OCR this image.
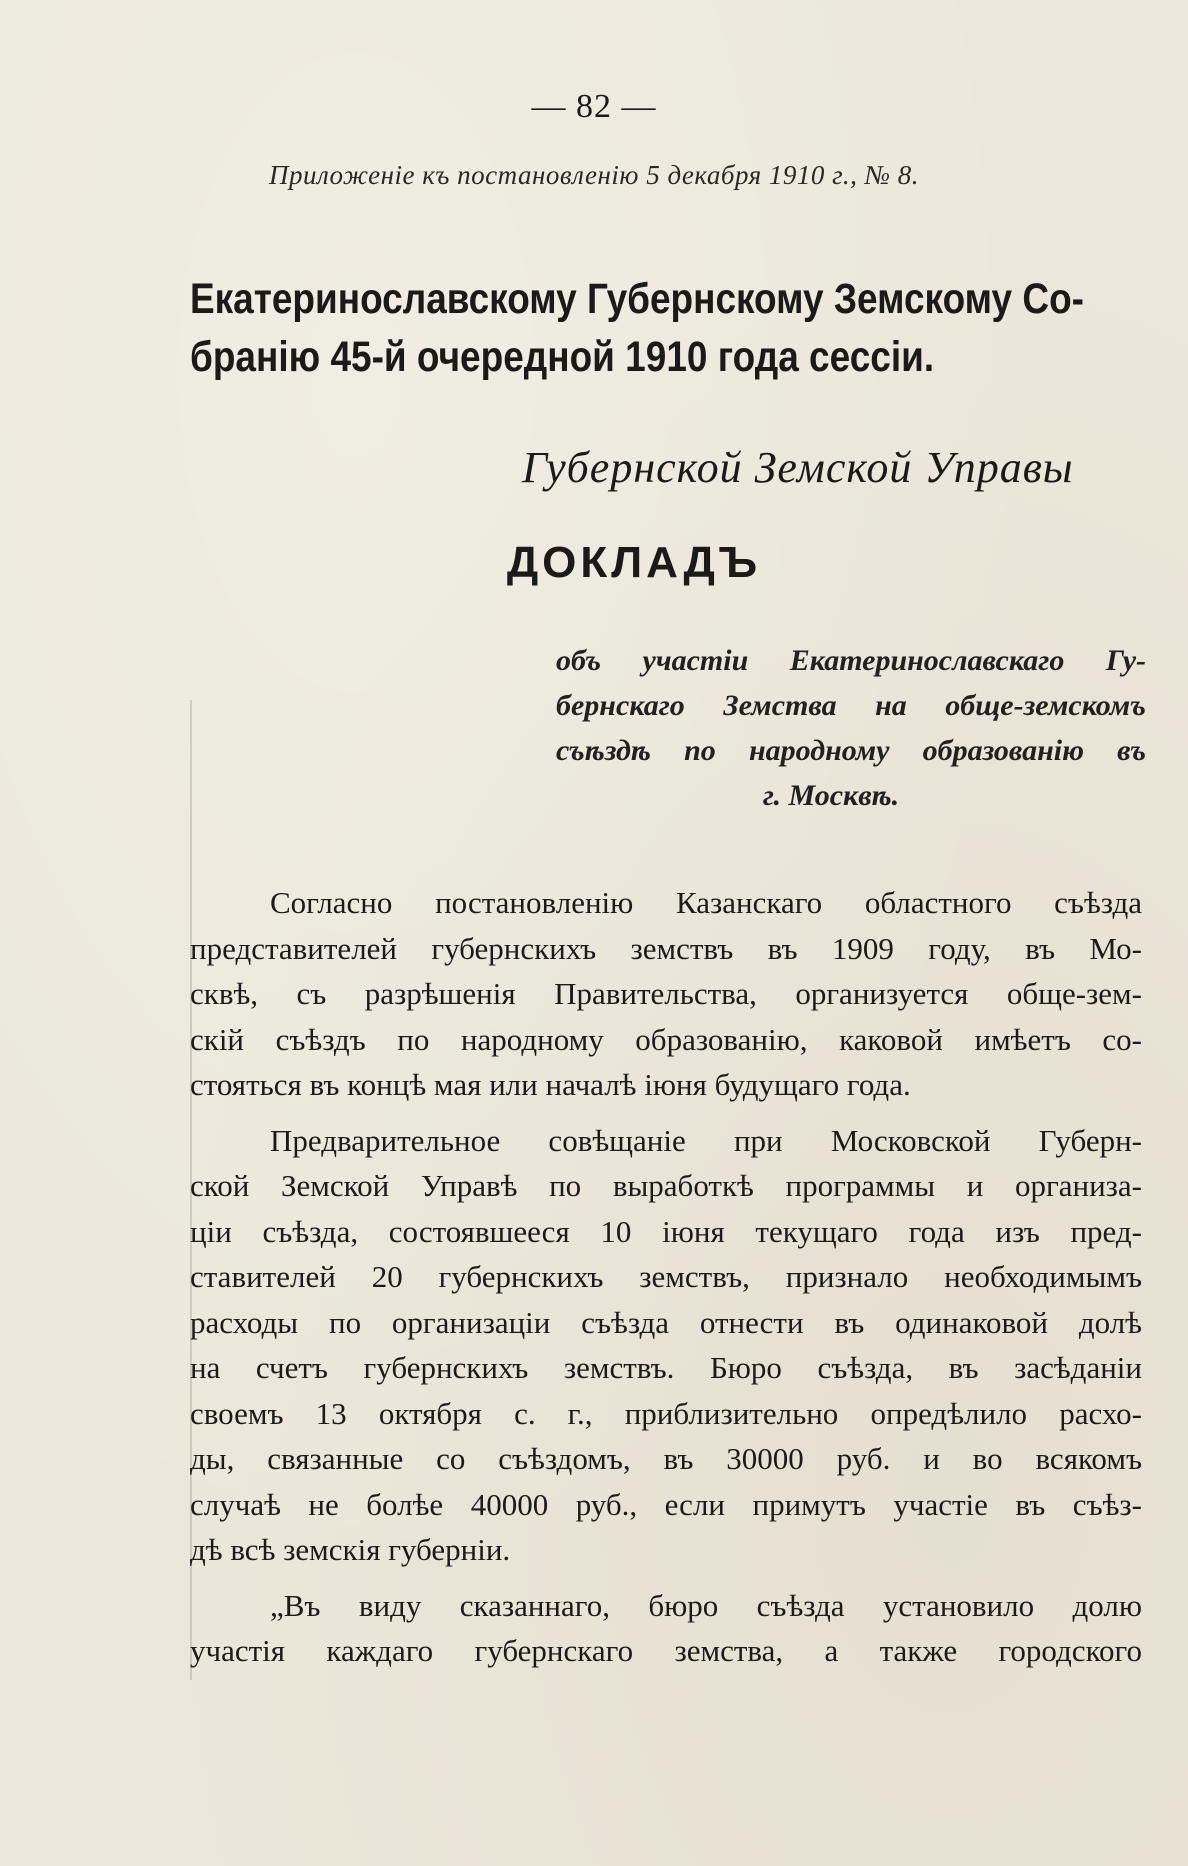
— 82 —
Приложеніе къ постановленію 5 декабря 1910 г., № 8.
Екатеринославскому Губернскому Земскому Со-
бранію 45-й очередной 1910 года сессіи.
Губернской Земской Управы
ДОКЛАДЪ
объ участіи Екатеринославскаго Гу-
бернскаго Земства на обще-земскомъ
съѣздѣ по народному образованію въ
г. Москвѣ.
Согласно постановленію Казанскаго областного съѣзда
представителей губернскихъ земствъ въ 1909 году, въ Мо-
сквѣ, съ разрѣшенія Правительства, организуется обще-зем-
скій съѣздъ по народному образованію, каковой имѣетъ со-
стояться въ концѣ мая или началѣ іюня будущаго года.
Предварительное совѣщаніе при Московской Губерн-
ской Земской Управѣ по выработкѣ программы и организа-
ціи съѣзда, состоявшееся 10 іюня текущаго года изъ пред-
ставителей 20 губернскихъ земствъ, признало необходимымъ
расходы по организаціи съѣзда отнести въ одинаковой долѣ
на счетъ губернскихъ земствъ. Бюро съѣзда, въ засѣданіи
своемъ 13 октября с. г., приблизительно опредѣлило расхо-
ды, связанные со съѣздомъ, въ 30000 руб. и во всякомъ
случаѣ не болѣе 40000 руб., если примутъ участіе въ съѣз-
дѣ всѣ земскія губерніи.
„Въ виду сказаннаго, бюро съѣзда установило долю
участія каждаго губернскаго земства, а также городского
